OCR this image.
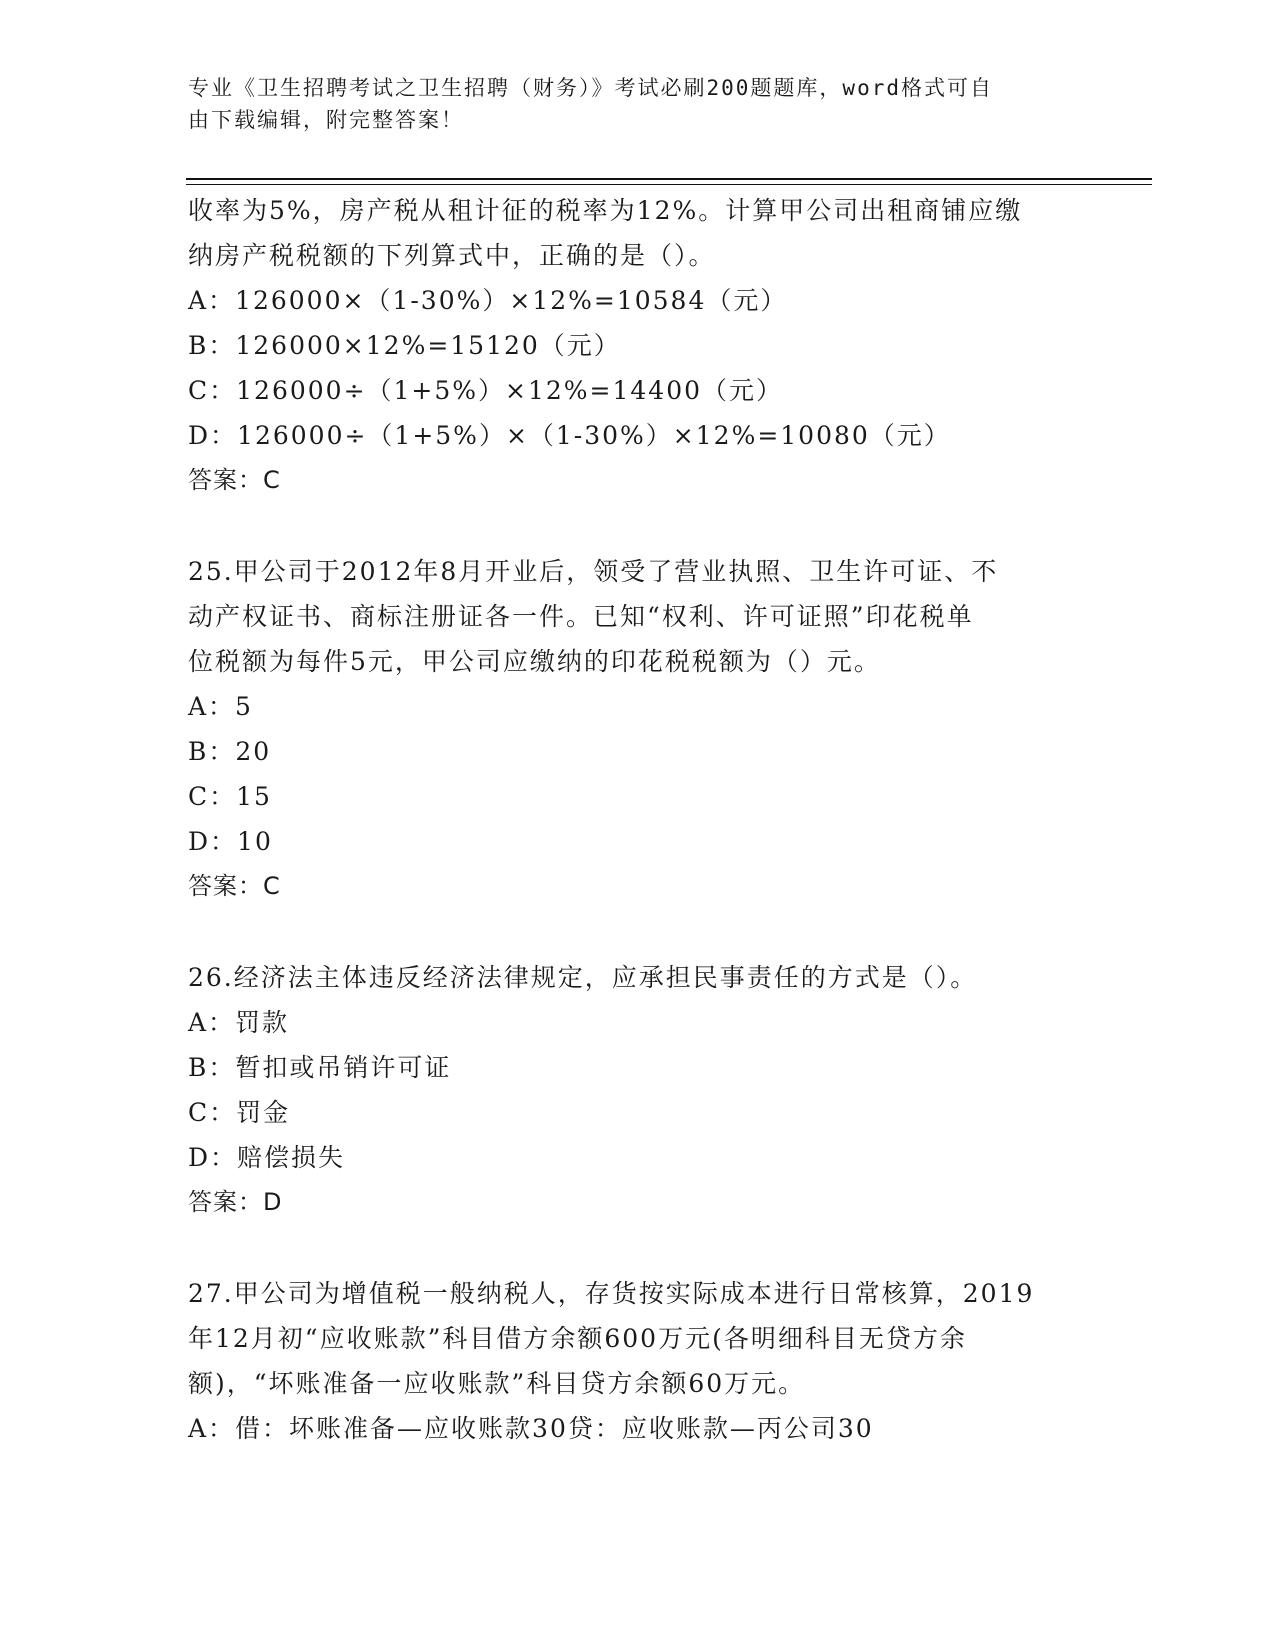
专业《卫生招聘考试之卫生招聘（财务）》考试必刷200题题库，word格式可自
由下载编辑，附完整答案！
收率为5%，房产税从租计征的税率为12%。计算甲公司出租商铺应缴
纳房产税税额的下列算式中，正确的是（）。
A：126000×（1-30%）×12%=10584（元）
B：126000×12%=15120（元）
C：126000÷（1+5%）×12%=14400（元）
D：126000÷（1+5%）×（1-30%）×12%=10080（元）
答案：C
25.甲公司于2012年8月开业后，领受了营业执照、卫生许可证、不
动产权证书、商标注册证各一件。已知“权利、许可证照”印花税单
位税额为每件5元，甲公司应缴纳的印花税税额为（）元。
A：5
B：20
C：15
D：10
答案：C
26.经济法主体违反经济法律规定，应承担民事责任的方式是（）。
A：罚款
B：暂扣或吊销许可证
C：罚金
D：赔偿损失
答案：D
27.甲公司为增值税一般纳税人，存货按实际成本进行日常核算，2019
年12月初“应收账款”科目借方余额600万元(各明细科目无贷方余
额)，“坏账准备一应收账款”科目贷方余额60万元。
A：借：坏账准备—应收账款30贷：应收账款—丙公司30
